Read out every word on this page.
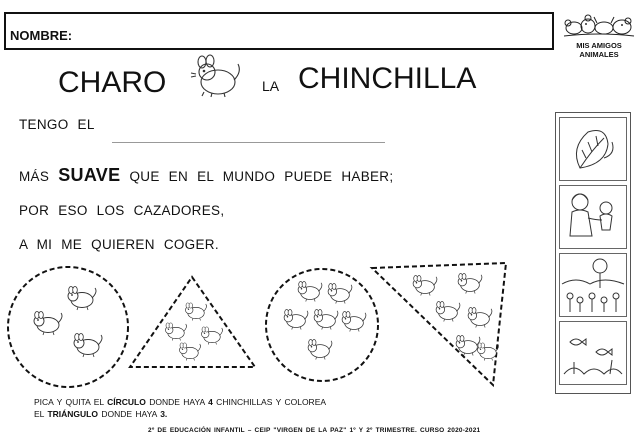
NOMBRE:
MIS AMIGOS
ANIMALES
CHARO	LA CHINCHILLA
TENGO EL
MÁS SUAVE QUE EN EL MUNDO PUEDE HABER;
POR ESO LOS CAZADORES,
A MI ME QUIEREN COGER.
PICA Y QUITA EL CÍRCULO DONDE HAYA 4 CHINCHILLAS Y COLOREA
EL TRIÁNGULO DONDE HAYA 3.
2º DE EDUCACIÓN INFANTIL – CEIP "VIRGEN DE LA PAZ" 1º Y 2º TRIMESTRE. CURSO 2020-2021
